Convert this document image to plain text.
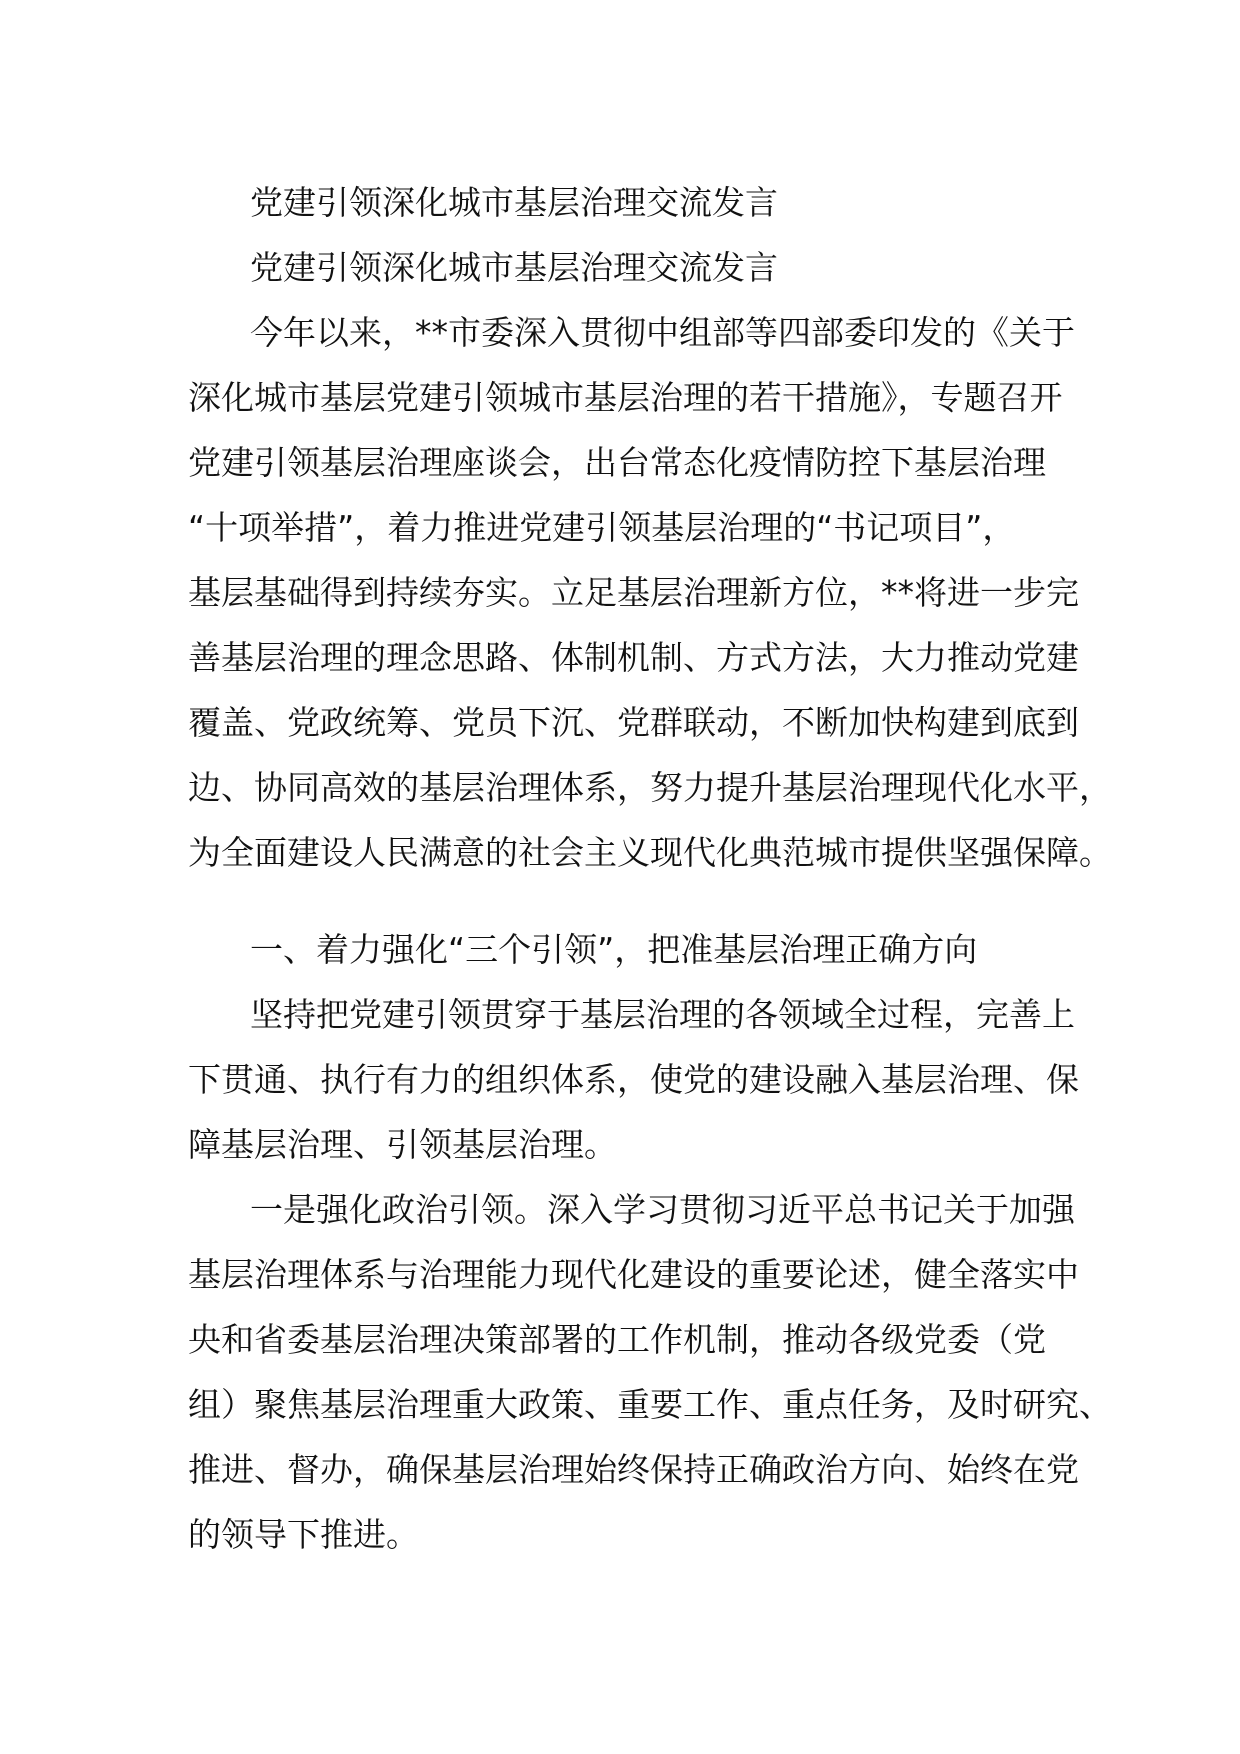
党建引领深化城市基层治理交流发言

党建引领深化城市基层治理交流发言

今年以来，**市委深入贯彻中组部等四部委印发的《关于

深化城市基层党建引领城市基层治理的若干措施》，专题召开

党建引领基层治理座谈会，出台常态化疫情防控下基层治理

“十项举措”，着力推进党建引领基层治理的“书记项目”，

基层基础得到持续夯实。立足基层治理新方位，**将进一步完

善基层治理的理念思路、体制机制、方式方法，大力推动党建

覆盖、党政统筹、党员下沉、党群联动，不断加快构建到底到

边、协同高效的基层治理体系，努力提升基层治理现代化水平，

为全面建设人民满意的社会主义现代化典范城市提供坚强保障。

一、着力强化“三个引领”，把准基层治理正确方向

坚持把党建引领贯穿于基层治理的各领域全过程，完善上

下贯通、执行有力的组织体系，使党的建设融入基层治理、保

障基层治理、引领基层治理。

一是强化政治引领。深入学习贯彻习近平总书记关于加强

基层治理体系与治理能力现代化建设的重要论述，健全落实中

央和省委基层治理决策部署的工作机制，推动各级党委（党

组）聚焦基层治理重大政策、重要工作、重点任务，及时研究、

推进、督办，确保基层治理始终保持正确政治方向、始终在党

的领导下推进。
